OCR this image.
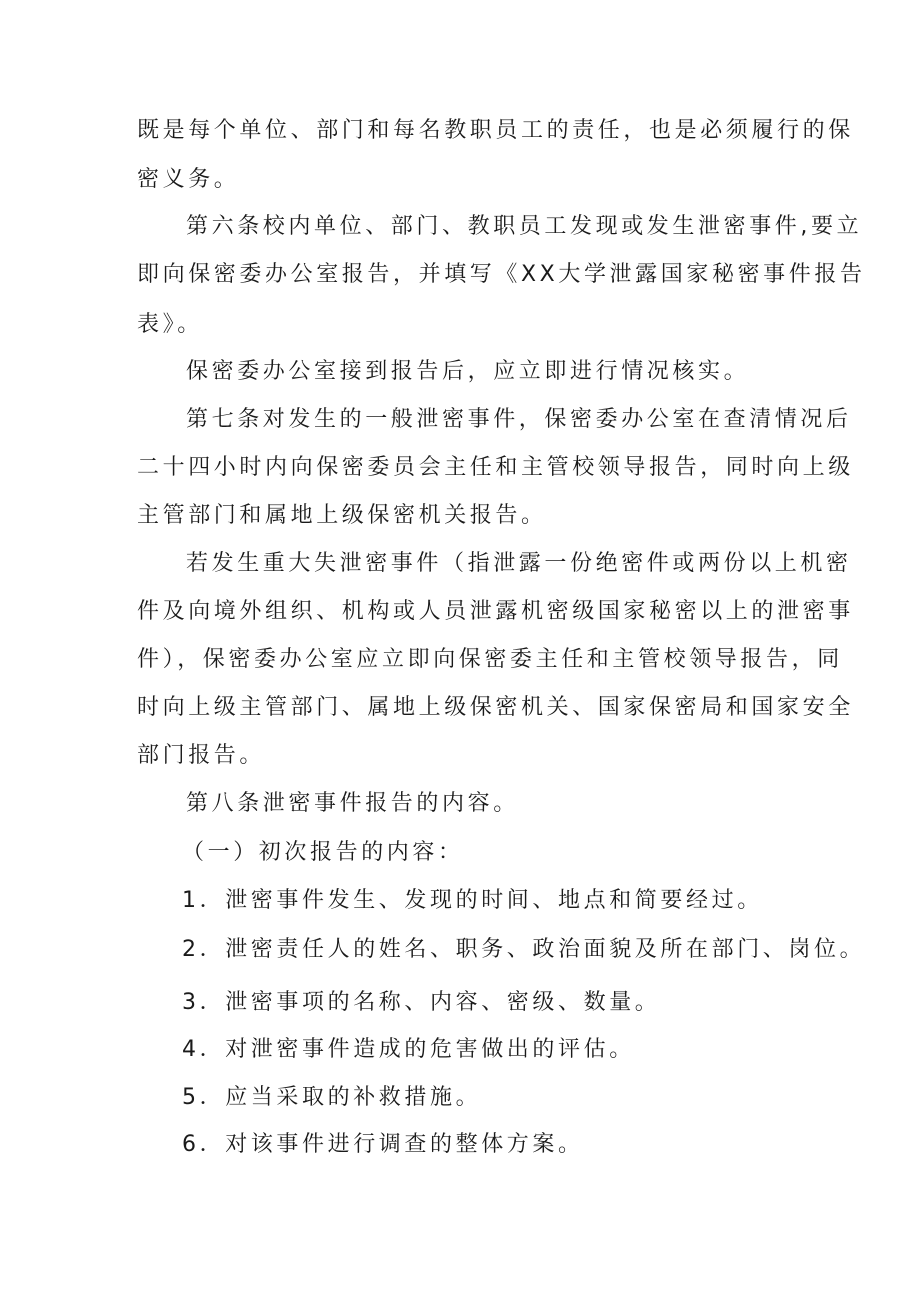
既是每个单位、部门和每名教职员工的责任，也是必须履行的保
密义务。
第六条校内单位、部门、教职员工发现或发生泄密事件,要立
即向保密委办公室报告，并填写《XX大学泄露国家秘密事件报告
表》。
保密委办公室接到报告后，应立即进行情况核实。
第七条对发生的一般泄密事件，保密委办公室在查清情况后
二十四小时内向保密委员会主任和主管校领导报告，同时向上级
主管部门和属地上级保密机关报告。
若发生重大失泄密事件（指泄露一份绝密件或两份以上机密
件及向境外组织、机构或人员泄露机密级国家秘密以上的泄密事
件），保密委办公室应立即向保密委主任和主管校领导报告，同
时向上级主管部门、属地上级保密机关、国家保密局和国家安全
部门报告。
第八条泄密事件报告的内容。
（一）初次报告的内容：
1．泄密事件发生、发现的时间、地点和简要经过。
2．泄密责任人的姓名、职务、政治面貌及所在部门、岗位。
3．泄密事项的名称、内容、密级、数量。
4．对泄密事件造成的危害做出的评估。
5．应当采取的补救措施。
6．对该事件进行调查的整体方案。
